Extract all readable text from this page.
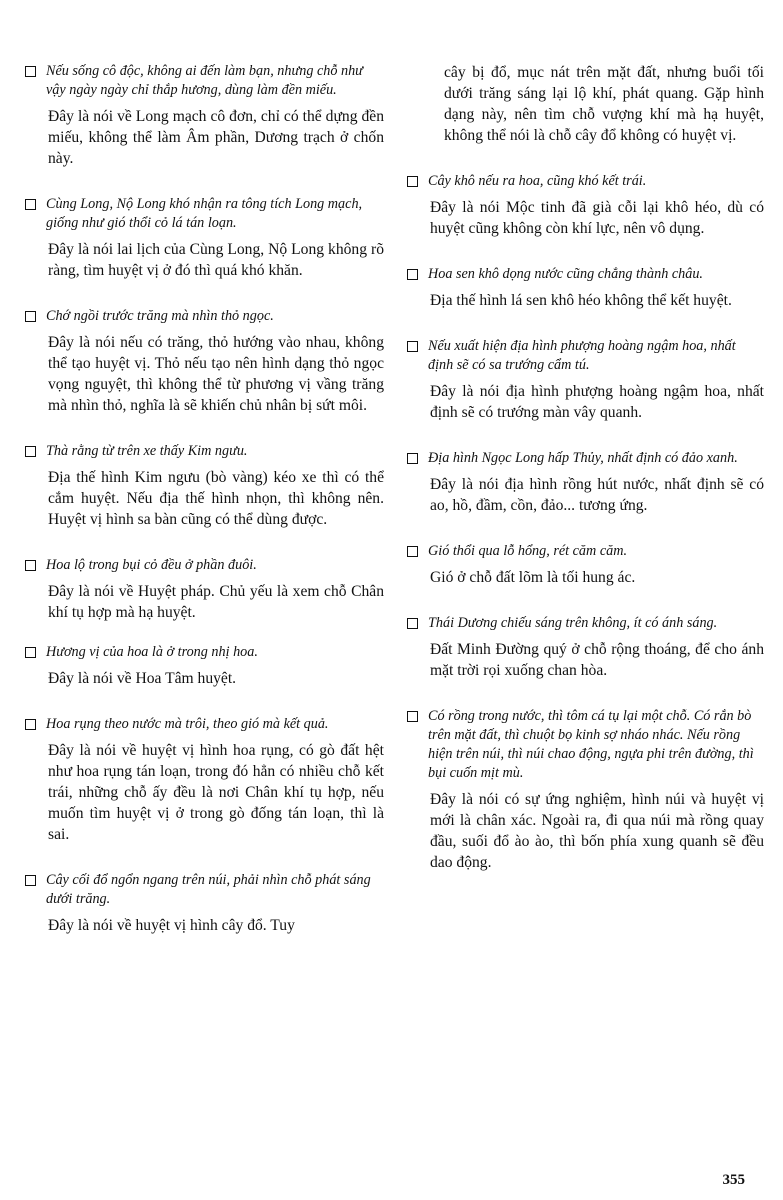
Nếu sống cô độc, không ai đến làm bạn, nhưng chỗ như vậy ngày ngày chỉ thắp hương, dùng làm đền miếu.

Đây là nói về Long mạch cô đơn, chỉ có thể dựng đền miếu, không thể làm Âm phần, Dương trạch ở chốn này.

Cùng Long, Nộ Long khó nhận ra tông tích Long mạch, giống như gió thổi cỏ lá tán loạn.

Đây là nói lai lịch của Cùng Long, Nộ Long không rõ ràng, tìm huyệt vị ở đó thì quá khó khăn.

Chớ ngồi trước trăng mà nhìn thỏ ngọc.

Đây là nói nếu có trăng, thỏ hướng vào nhau, không thể tạo huyệt vị. Thỏ nếu tạo nên hình dạng thỏ ngọc vọng nguyệt, thì không thể từ phương vị vầng trăng mà nhìn thỏ, nghĩa là sẽ khiến chủ nhân bị sứt môi.

Thà rằng từ trên xe thấy Kim ngưu.

Địa thế hình Kim ngưu (bò vàng) kéo xe thì có thể cắm huyệt. Nếu địa thế hình nhọn, thì không nên. Huyệt vị hình sa bàn cũng có thể dùng được.

Hoa lộ trong bụi cỏ đều ở phần đuôi.

Đây là nói về Huyệt pháp. Chủ yếu là xem chỗ Chân khí tụ hợp mà hạ huyệt.

Hương vị của hoa là ở trong nhị hoa.

Đây là nói về Hoa Tâm huyệt.

Hoa rụng theo nước mà trôi, theo gió mà kết quả.

Đây là nói về huyệt vị hình hoa rụng, có gò đất hệt như hoa rụng tán loạn, trong đó hẳn có nhiều chỗ kết trái, những chỗ ấy đều là nơi Chân khí tụ hợp, nếu muốn tìm huyệt vị ở trong gò đống tán loạn, thì là sai.

Cây cối đổ ngổn ngang trên núi, phải nhìn chỗ phát sáng dưới trăng.

Đây là nói về huyệt vị hình cây đổ. Tuy

cây bị đổ, mục nát trên mặt đất, nhưng buổi tối dưới trăng sáng lại lộ khí, phát quang. Gặp hình dạng này, nên tìm chỗ vượng khí mà hạ huyệt, không thể nói là chỗ cây đổ không có huyệt vị.

Cây khô nếu ra hoa, cũng khó kết trái.

Đây là nói Mộc tinh đã già cỗi lại khô héo, dù có huyệt cũng không còn khí lực, nên vô dụng.

Hoa sen khô dọng nước cũng chẳng thành châu.

Địa thế hình lá sen khô héo không thể kết huyệt.

Nếu xuất hiện địa hình phượng hoàng ngậm hoa, nhất định sẽ có sa trướng cẩm tú.

Đây là nói địa hình phượng hoàng ngậm hoa, nhất định sẽ có trướng màn vây quanh.

Địa hình Ngọc Long hấp Thủy, nhất định có đảo xanh.

Đây là nói địa hình rồng hút nước, nhất định sẽ có ao, hồ, đầm, cồn, đảo... tương ứng.

Gió thổi qua lỗ hổng, rét căm căm.

Gió ở chỗ đất lõm là tối hung ác.

Thái Dương chiếu sáng trên không, ít có ánh sáng.

Đất Minh Đường quý ở chỗ rộng thoáng, để cho ánh mặt trời rọi xuống chan hòa.

Có rồng trong nước, thì tôm cá tụ lại một chỗ. Có rắn bò trên mặt đất, thì chuột bọ kinh sợ nháo nhác. Nếu rồng hiện trên núi, thì núi chao động, ngựa phi trên đường, thì bụi cuốn mịt mù.

Đây là nói có sự ứng nghiệm, hình núi và huyệt vị mới là chân xác. Ngoài ra, đi qua núi mà rồng quay đầu, suối đổ ào ào, thì bốn phía xung quanh sẽ đều dao động.

355
